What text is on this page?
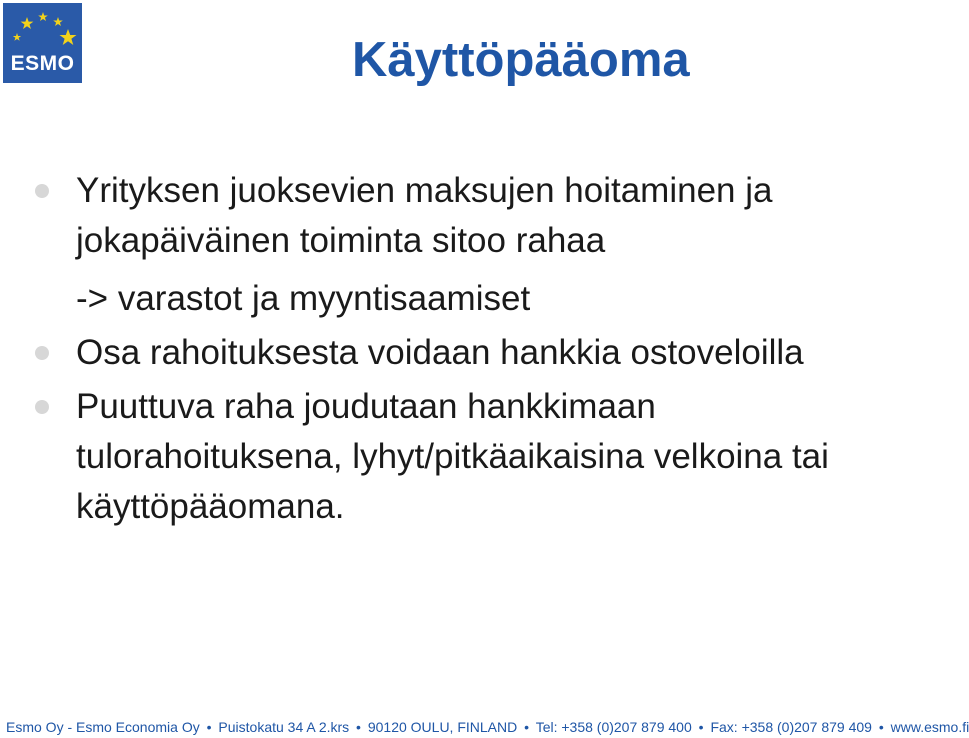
ESMO	Käyttöpääoma
Yrityksen juoksevien maksujen hoitaminen ja
jokapäiväinen toiminta sitoo rahaa
-> varastot ja myyntisaamiset
Osa rahoituksesta voidaan hankkia ostoveloilla
Puuttuva raha joudutaan hankkimaan
tulorahoituksena, lyhyt/pitkäaikaisina velkoina tai
käyttöpääomana.
Esmo Oy - Esmo Economia Oy • Puistokatu 34 A 2.krs • 90120 OULU, FINLAND • Tel: +358 (0)207 879 400 • Fax: +358 (0)207 879 409 • www.esmo.fi
